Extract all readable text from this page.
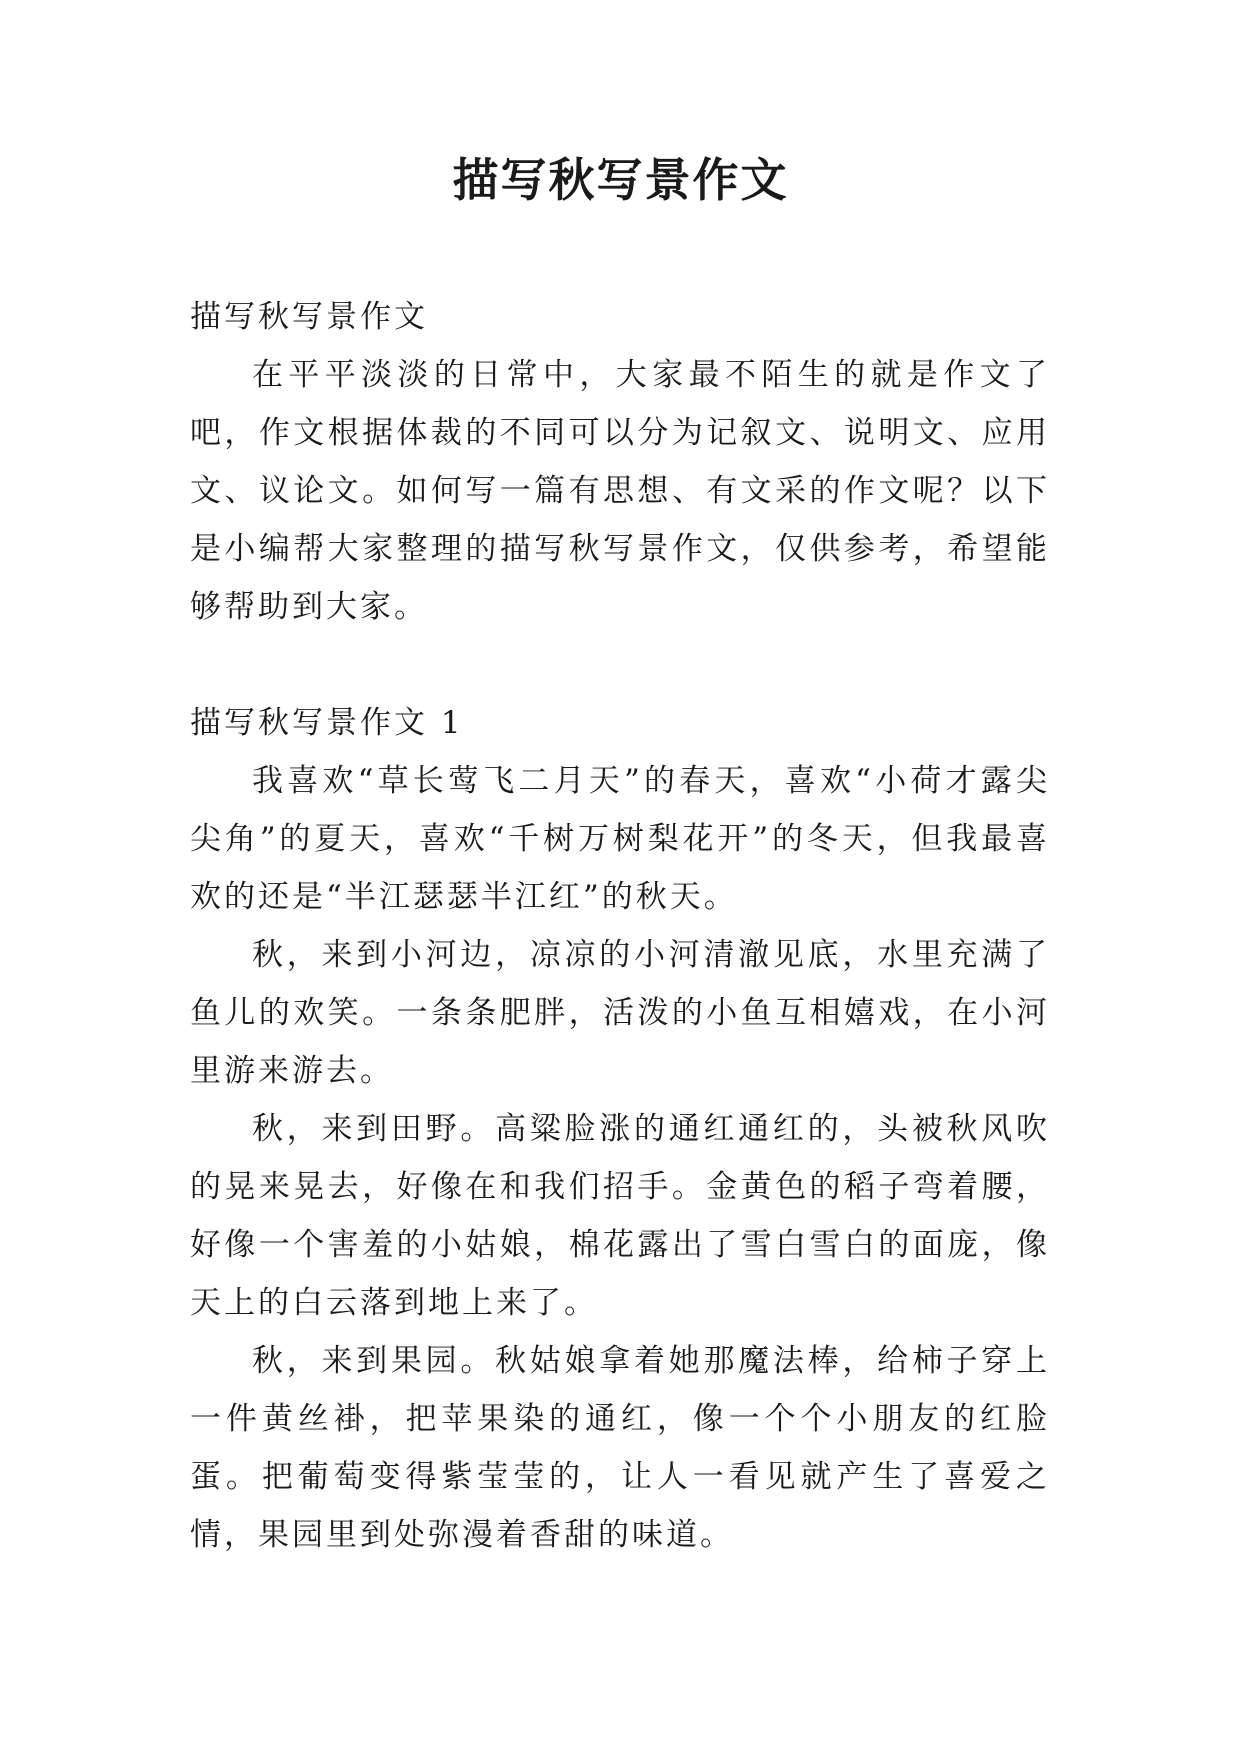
描写秋写景作文
描写秋写景作文

在平平淡淡的日常中，大家最不陌生的就是作文了吧，作文根据体裁的不同可以分为记叙文、说明文、应用文、议论文。如何写一篇有思想、有文采的作文呢？以下是小编帮大家整理的描写秋写景作文，仅供参考，希望能够帮助到大家。

描写秋写景作文 1

我喜欢“草长莺飞二月天”的春天，喜欢“小荷才露尖尖角”的夏天，喜欢“千树万树梨花开”的冬天，但我最喜欢的还是“半江瑟瑟半江红”的秋天。

秋，来到小河边，凉凉的小河清澈见底，水里充满了鱼儿的欢笑。一条条肥胖，活泼的小鱼互相嬉戏，在小河里游来游去。

秋，来到田野。高粱脸涨的通红通红的，头被秋风吹的晃来晃去，好像在和我们招手。金黄色的稻子弯着腰，好像一个害羞的小姑娘，棉花露出了雪白雪白的面庞，像天上的白云落到地上来了。

秋，来到果园。秋姑娘拿着她那魔法棒，给柿子穿上一件黄丝褂，把苹果染的通红，像一个个小朋友的红脸蛋。把葡萄变得紫莹莹的，让人一看见就产生了喜爱之情，果园里到处弥漫着香甜的味道。
